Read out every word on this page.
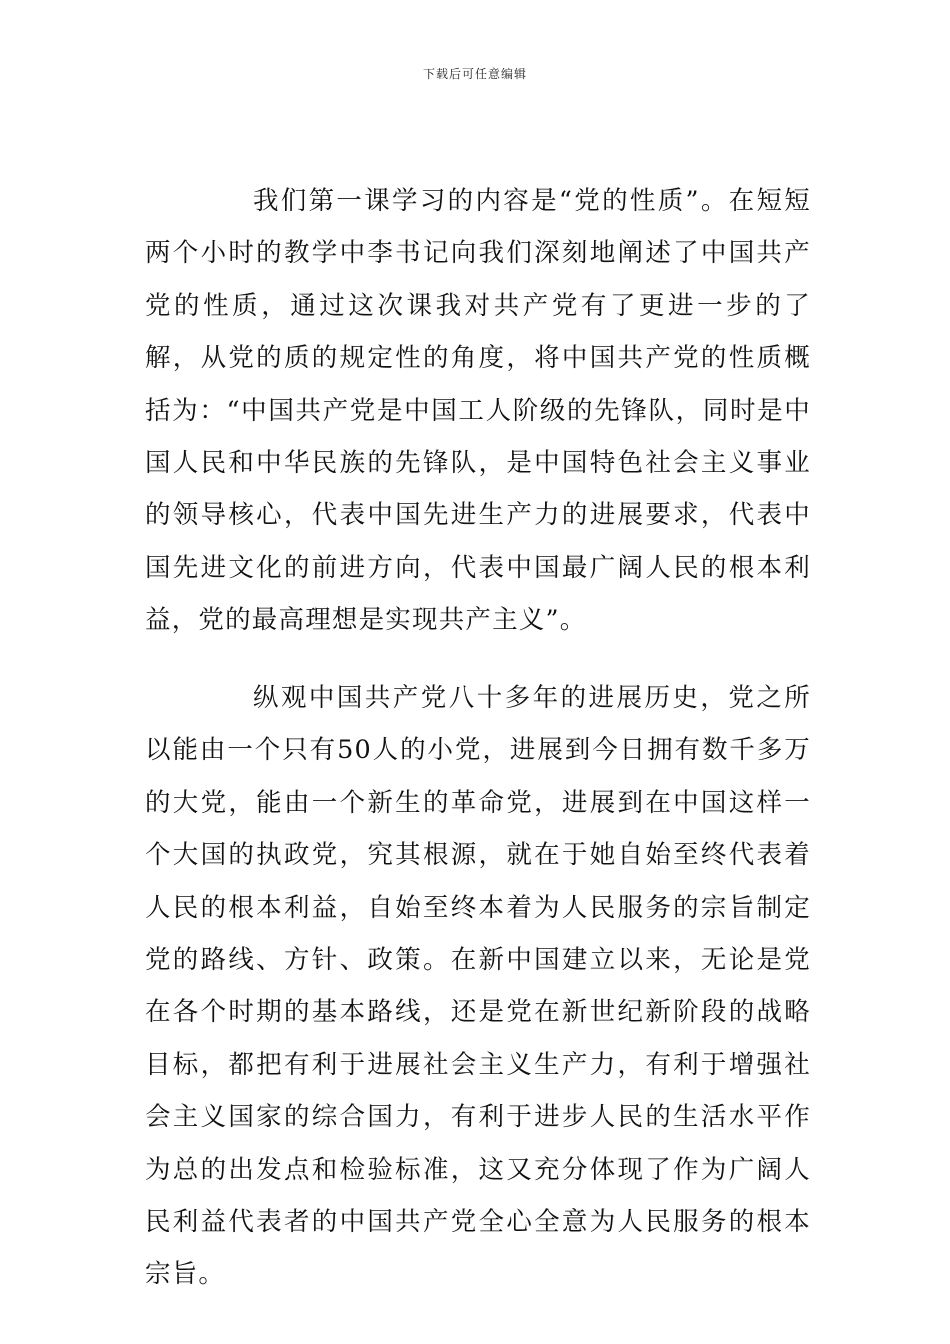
下载后可任意编辑

我们第一课学习的内容是“党的性质”。在短短两个小时的教学中李书记向我们深刻地阐述了中国共产党的性质，通过这次课我对共产党有了更进一步的了解，从党的质的规定性的角度，将中国共产党的性质概括为：“中国共产党是中国工人阶级的先锋队，同时是中国人民和中华民族的先锋队，是中国特色社会主义事业的领导核心，代表中国先进生产力的进展要求，代表中国先进文化的前进方向，代表中国最广阔人民的根本利益，党的最高理想是实现共产主义”。

纵观中国共产党八十多年的进展历史，党之所以能由一个只有50人的小党，进展到今日拥有数千多万的大党，能由一个新生的革命党，进展到在中国这样一个大国的执政党，究其根源，就在于她自始至终代表着人民的根本利益，自始至终本着为人民服务的宗旨制定党的路线、方针、政策。在新中国建立以来，无论是党在各个时期的基本路线，还是党在新世纪新阶段的战略目标，都把有利于进展社会主义生产力，有利于增强社会主义国家的综合国力，有利于进步人民的生活水平作为总的出发点和检验标准，这又充分体现了作为广阔人民利益代表者的中国共产党全心全意为人民服务的根本宗旨。
